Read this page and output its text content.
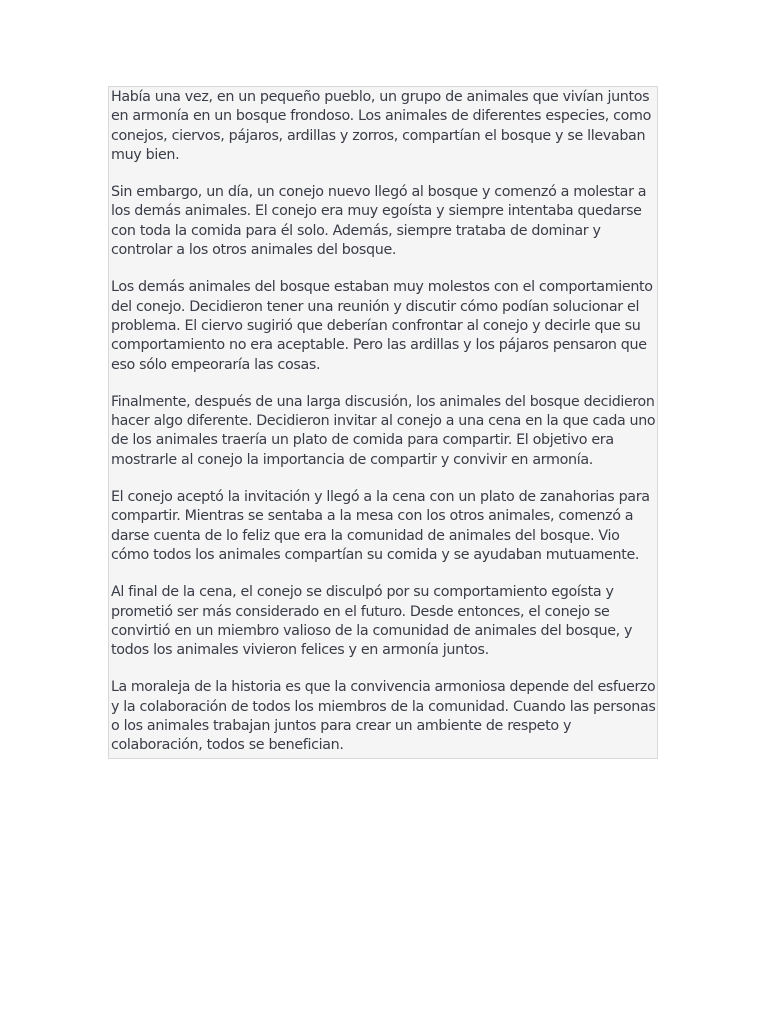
Había una vez, en un pequeño pueblo, un grupo de animales que vivían juntos
en armonía en un bosque frondoso. Los animales de diferentes especies, como
conejos, ciervos, pájaros, ardillas y zorros, compartían el bosque y se llevaban
muy bien.

Sin embargo, un día, un conejo nuevo llegó al bosque y comenzó a molestar a
los demás animales. El conejo era muy egoísta y siempre intentaba quedarse
con toda la comida para él solo. Además, siempre trataba de dominar y
controlar a los otros animales del bosque.

Los demás animales del bosque estaban muy molestos con el comportamiento
del conejo. Decidieron tener una reunión y discutir cómo podían solucionar el
problema. El ciervo sugirió que deberían confrontar al conejo y decirle que su
comportamiento no era aceptable. Pero las ardillas y los pájaros pensaron que
eso sólo empeoraría las cosas.

Finalmente, después de una larga discusión, los animales del bosque decidieron
hacer algo diferente. Decidieron invitar al conejo a una cena en la que cada uno
de los animales traería un plato de comida para compartir. El objetivo era
mostrarle al conejo la importancia de compartir y convivir en armonía.

El conejo aceptó la invitación y llegó a la cena con un plato de zanahorias para
compartir. Mientras se sentaba a la mesa con los otros animales, comenzó a
darse cuenta de lo feliz que era la comunidad de animales del bosque. Vio
cómo todos los animales compartían su comida y se ayudaban mutuamente.

Al final de la cena, el conejo se disculpó por su comportamiento egoísta y
prometió ser más considerado en el futuro. Desde entonces, el conejo se
convirtió en un miembro valioso de la comunidad de animales del bosque, y
todos los animales vivieron felices y en armonía juntos.

La moraleja de la historia es que la convivencia armoniosa depende del esfuerzo
y la colaboración de todos los miembros de la comunidad. Cuando las personas
o los animales trabajan juntos para crear un ambiente de respeto y
colaboración, todos se benefician.
